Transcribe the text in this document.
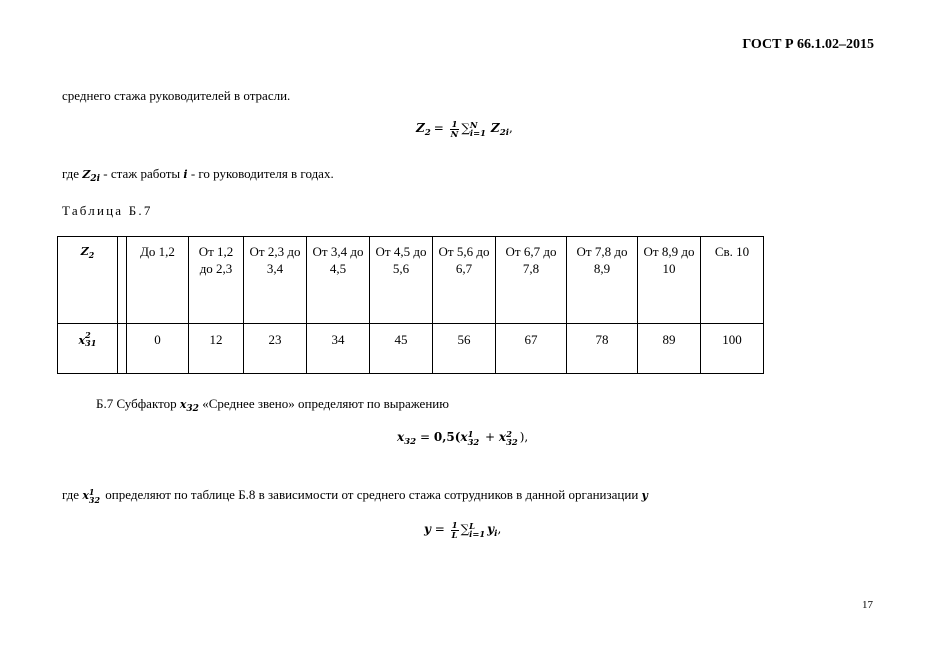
ГОСТ Р 66.1.02–2015
среднего стажа руководителей в отрасли.
$Z_2 = \frac{1}{N}$ ∑ N
i=1 $Z_{2i}$,
где $Z_{2i}$ - стаж работы i - го руководителя в годах.
Таблица Б.7
$Z_2$		До 1,2	От 1,2 до 2,3	От 2,3 до 3,4	От 3,4 до 4,5	От 4,5 до 5,6	От 5,6 до 6,7	От 6,7 до 7,8	От 7,8 до 8,9	От 8,9 до 10	Св. 10
x 2
31		0	12	23	34	45	56	67	78	89	100
Б.7 Субфактор $x_{32}$ «Среднее звено» определяют по выражению
$x_{32} = 0,5(x$ 1
32 + x 2
32 ),
где x 1
32 определяют по таблице Б.8 в зависимости от среднего стажа сотрудников в данной организации y
$y = \frac{1}{L}$ ∑ L
i=1 $y_i$,
17
